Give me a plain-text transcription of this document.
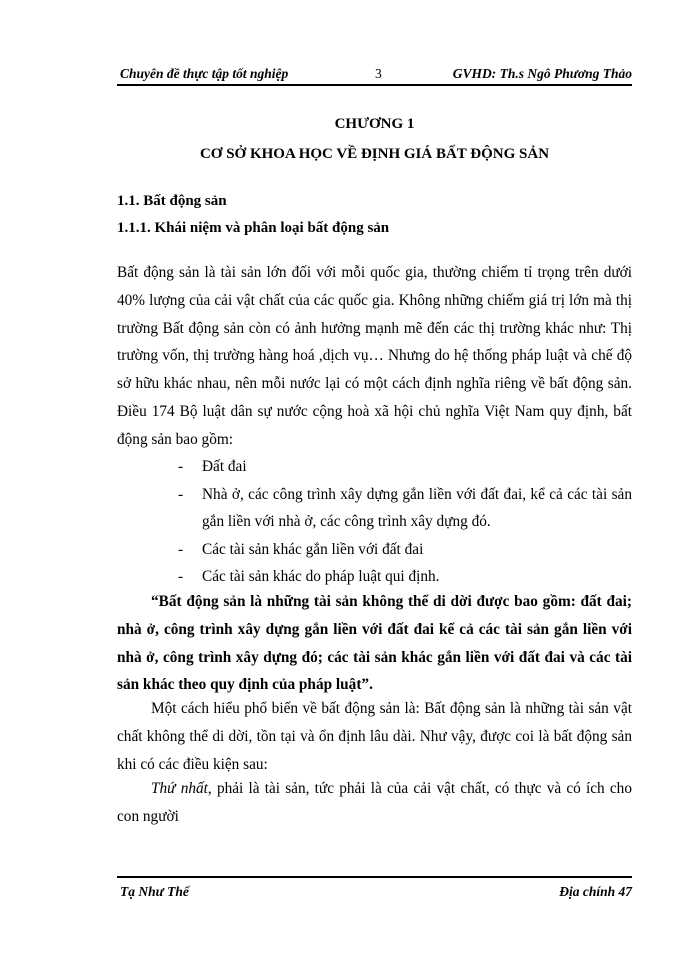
Chuyên đề thực tập tốt nghiệp	3	GVHD: Th.s Ngô Phương Thảo
CHƯƠNG 1
CƠ SỞ KHOA HỌC VỀ ĐỊNH GIÁ BẤT ĐỘNG SẢN
1.1. Bất động sản
1.1.1. Khái niệm và phân loại bất động sản

Bất động sản là tài sản lớn đối với mỗi quốc gia, thường chiếm tỉ trọng trên dưới 40% lượng của cải vật chất của các quốc gia. Không những chiếm giá trị lớn mà thị trường Bất động sản còn có ảnh hưởng mạnh mẽ đến các thị trường khác như: Thị trường vốn, thị trường hàng hoá ,dịch vụ… Nhưng do hệ thống pháp luật và chế độ sở hữu khác nhau, nên mỗi nước lại có một cách định nghĩa riêng về bất động sản. Điều 174 Bộ luật dân sự nước cộng hoà xã hội chủ nghĩa Việt Nam quy định, bất động sản bao gồm:

- Đất đai
- Nhà ở, các công trình xây dựng gắn liền với đất đai, kể cả các tài sản gắn liền với nhà ở, các công trình xây dựng đó.
- Các tài sản khác gắn liền với đất đai
- Các tài sản khác do pháp luật qui định.

“Bất động sản là những tài sản không thể di dời được bao gồm: đất đai; nhà ở, công trình xây dựng gắn liền với đất đai kể cả các tài sản gắn liền với nhà ở, công trình xây dựng đó; các tài sản khác gắn liền với đất đai và các tài sản khác theo quy định của pháp luật”.

Một cách hiểu phổ biến về bất động sản là: Bất động sản là những tài sản vật chất không thể di dời, tồn tại và ổn định lâu dài. Như vậy, được coi là bất động sản khi có các điều kiện sau:

Thứ nhất, phải là tài sản, tức phải là của cải vật chất, có thực và có ích cho con người

Tạ Như Thế	Địa chính 47
